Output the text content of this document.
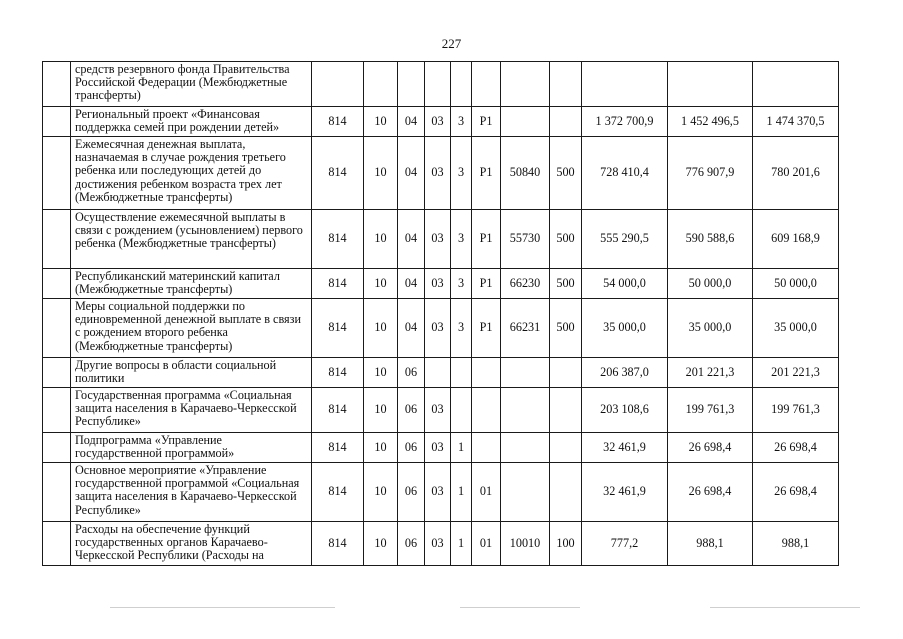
227
	средств резервного фонда Правительства Российской Федерации (Межбюджетные трансферты)											
	Региональный проект «Финансовая поддержка семей при рождении детей»	814	10	04	03	3	P1			1 372 700,9	1 452 496,5	1 474 370,5
	Ежемесячная денежная выплата, назначаемая в случае рождения третьего ребенка или последующих детей до достижения ребенком возраста трех лет (Межбюджетные трансферты)	814	10	04	03	3	P1	50840	500	728 410,4	776 907,9	780 201,6
	Осуществление ежемесячной выплаты в связи с рождением (усыновлением) первого ребенка (Межбюджетные трансферты)	814	10	04	03	3	P1	55730	500	555 290,5	590 588,6	609 168,9
	Республиканский материнский капитал (Межбюджетные трансферты)	814	10	04	03	3	P1	66230	500	54 000,0	50 000,0	50 000,0
	Меры социальной поддержки по единовременной денежной выплате в связи с рождением второго ребенка (Межбюджетные трансферты)	814	10	04	03	3	P1	66231	500	35 000,0	35 000,0	35 000,0
	Другие вопросы в области социальной политики	814	10	06						206 387,0	201 221,3	201 221,3
	Государственная программа «Социальная защита населения в Карачаево-Черкесской Республике»	814	10	06	03					203 108,6	199 761,3	199 761,3
	Подпрограмма «Управление государственной программой»	814	10	06	03	1				32 461,9	26 698,4	26 698,4
	Основное мероприятие «Управление государственной программой «Социальная защита населения в Карачаево-Черкесской Республике»	814	10	06	03	1	01			32 461,9	26 698,4	26 698,4
	Расходы на обеспечение функций государственных органов Карачаево-Черкесской Республики (Расходы на	814	10	06	03	1	01	10010	100	777,2	988,1	988,1
